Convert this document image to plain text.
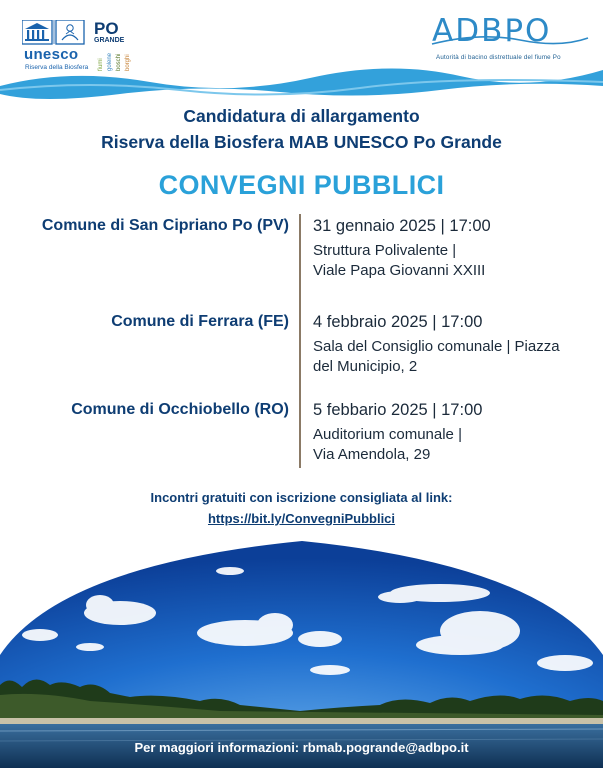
unesco
Riserva della Biosfera
PO
GRANDE
fiumi golene boschi borghi
ADBPO
Autorità di bacino distrettuale del fiume Po
Candidatura di allargamento
Riserva della Biosfera MAB UNESCO Po Grande
CONVEGNI PUBBLICI
Comune di San Cipriano Po (PV) 31 gennaio 2025 | 17:00
Struttura Polivalente |
Viale Papa Giovanni XXIII
Comune di Ferrara (FE) 4 febbraio 2025 | 17:00
Sala del Consiglio comunale | Piazza
del Municipio, 2
Comune di Occhiobello (RO) 5 febbario 2025 | 17:00
Auditorium comunale |
Via Amendola, 29
Incontri gratuiti con iscrizione consigliata al link:
https://bit.ly/ConvegniPubblici
Per maggiori informazioni: rbmab.pogrande@adbpo.it
